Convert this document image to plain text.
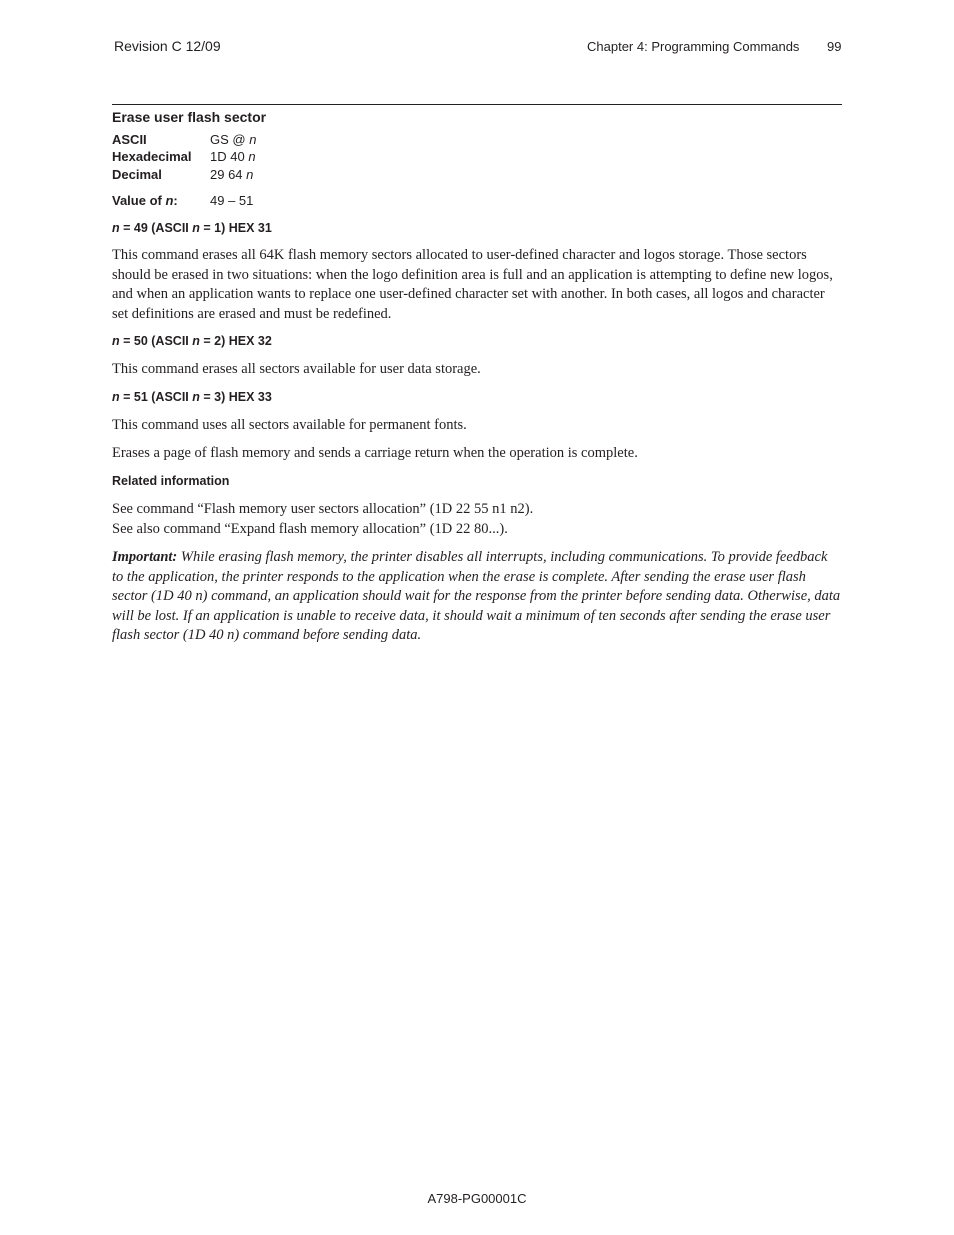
Revision C 12/09	Chapter 4: Programming Commands 99
Erase user flash sector
ASCII	GS @ n
Hexadecimal 1D 40 n
Decimal	29 64 n
Value of n: 49 – 51
n = 49 (ASCII n = 1) HEX 31

This command erases all 64K flash memory sectors allocated to user-defined character and logos storage. Those sectors should be erased in two situations: when the logo definition area is full and an application is attempting to define new logos, and when an application wants to replace one user-defined character set with another. In both cases, all logos and character set definitions are erased and must be redefined.

n = 50 (ASCII n = 2) HEX 32

This command erases all sectors available for user data storage.

n = 51 (ASCII n = 3) HEX 33

This command uses all sectors available for permanent fonts.

Erases a page of flash memory and sends a carriage return when the operation is complete.

Related information

See command “Flash memory user sectors allocation” (1D 22 55 n1 n2).

See also command “Expand flash memory allocation” (1D 22 80...).

Important: While erasing flash memory, the printer disables all interrupts, including communications. To provide feedback to the application, the printer responds to the application when the erase is complete. After sending the erase user flash sector (1D 40 n) command, an application should wait for the response from the printer before sending data. Otherwise, data will be lost. If an application is unable to receive data, it should wait a minimum of ten seconds after sending the erase user flash sector (1D 40 n) command before sending data.

A798-PG00001C
